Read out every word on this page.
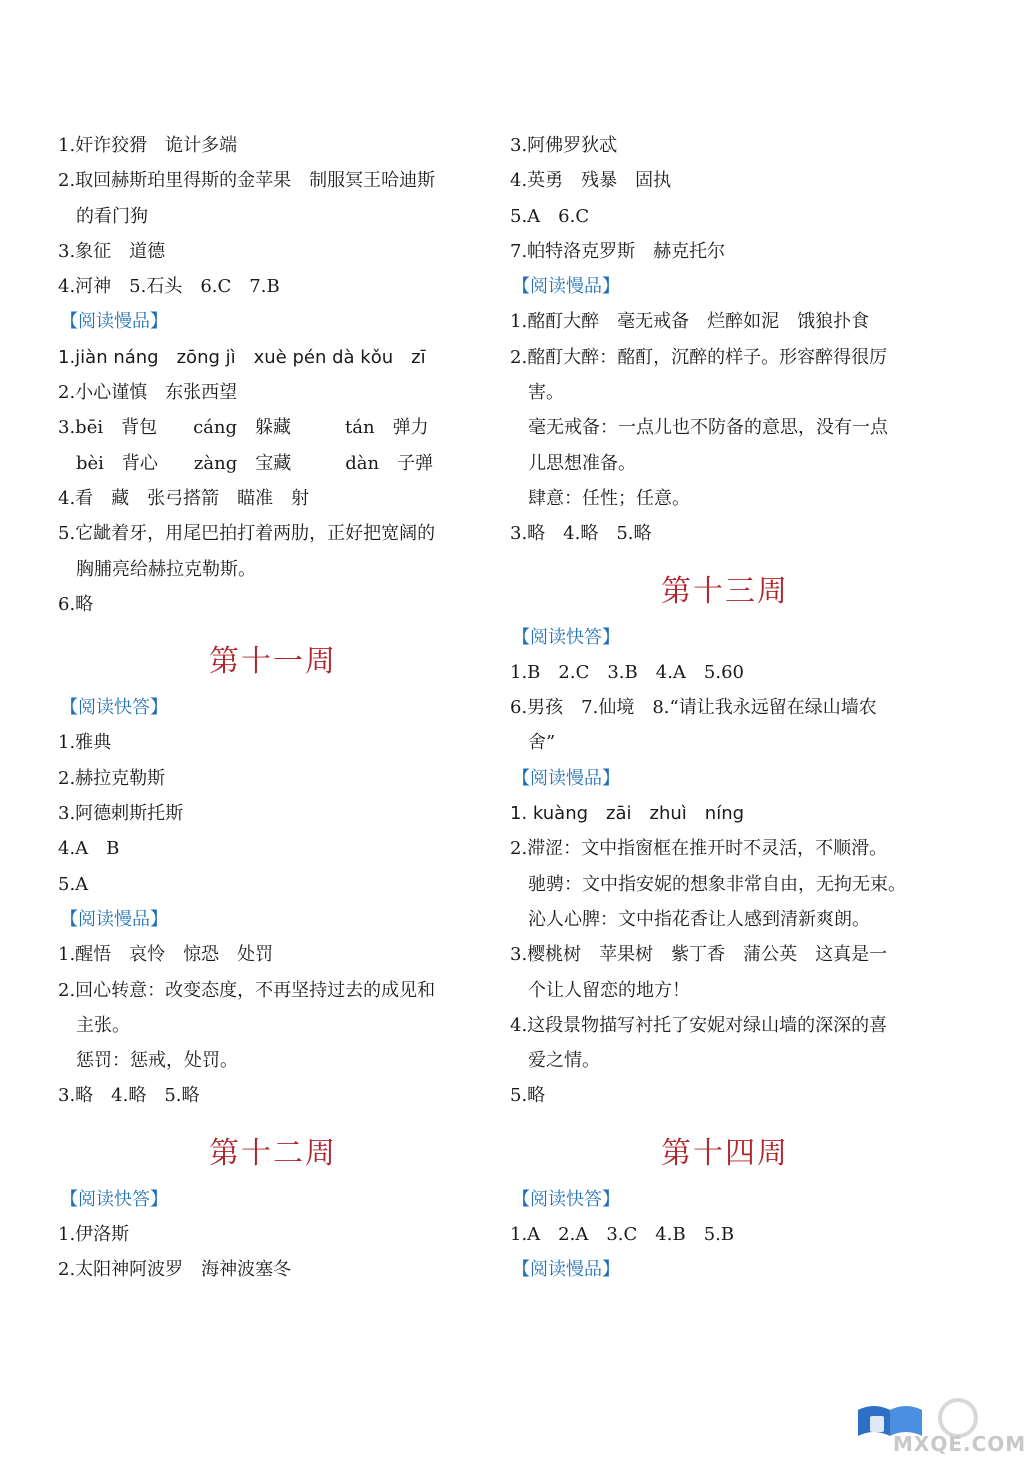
1.奸诈狡猾　诡计多端
2.取回赫斯珀里得斯的金苹果　制服冥王哈迪斯
的看门狗
3.象征　道德
4.河神　5.石头　6.C　7.B
【阅读慢品】
1.jiàn náng　zōng jì　xuè pén dà kǒu　zī
2.小心谨慎　东张西望
3.bēi　背包　　cáng　躲藏　　　tán　弹力
bèi　背心　　zàng　宝藏　　　dàn　子弹
4.看　藏　张弓搭箭　瞄准　射
5.它龇着牙，用尾巴拍打着两肋，正好把宽阔的
胸脯亮给赫拉克勒斯。
6.略
第十一周
【阅读快答】
1.雅典
2.赫拉克勒斯
3.阿德剌斯托斯
4.A　B
5.A
【阅读慢品】
1.醒悟　哀怜　惊恐　处罚
2.回心转意：改变态度，不再坚持过去的成见和
主张。
惩罚：惩戒，处罚。
3.略　4.略　5.略
第十二周
【阅读快答】
1.伊洛斯
2.太阳神阿波罗　海神波塞冬
3.阿佛罗狄忒
4.英勇　残暴　固执
5.A　6.C
7.帕特洛克罗斯　赫克托尔
【阅读慢品】
1.酩酊大醉　毫无戒备　烂醉如泥　饿狼扑食
2.酩酊大醉：酩酊，沉醉的样子。形容醉得很厉
害。
毫无戒备：一点儿也不防备的意思，没有一点
儿思想准备。
肆意：任性；任意。
3.略　4.略　5.略
第十三周
【阅读快答】
1.B　2.C　3.B　4.A　5.60
6.男孩　7.仙境　8.“请让我永远留在绿山墙农
舍”
【阅读慢品】
1. kuàng　zāi　zhuì　níng
2.滞涩：文中指窗框在推开时不灵活，不顺滑。
驰骋：文中指安妮的想象非常自由，无拘无束。
沁人心脾：文中指花香让人感到清新爽朗。
3.樱桃树　苹果树　紫丁香　蒲公英　这真是一
个让人留恋的地方！
4.这段景物描写衬托了安妮对绿山墙的深深的喜
爱之情。
5.略
第十四周
【阅读快答】
1.A　2.A　3.C　4.B　5.B
【阅读慢品】
MXQE.COM
